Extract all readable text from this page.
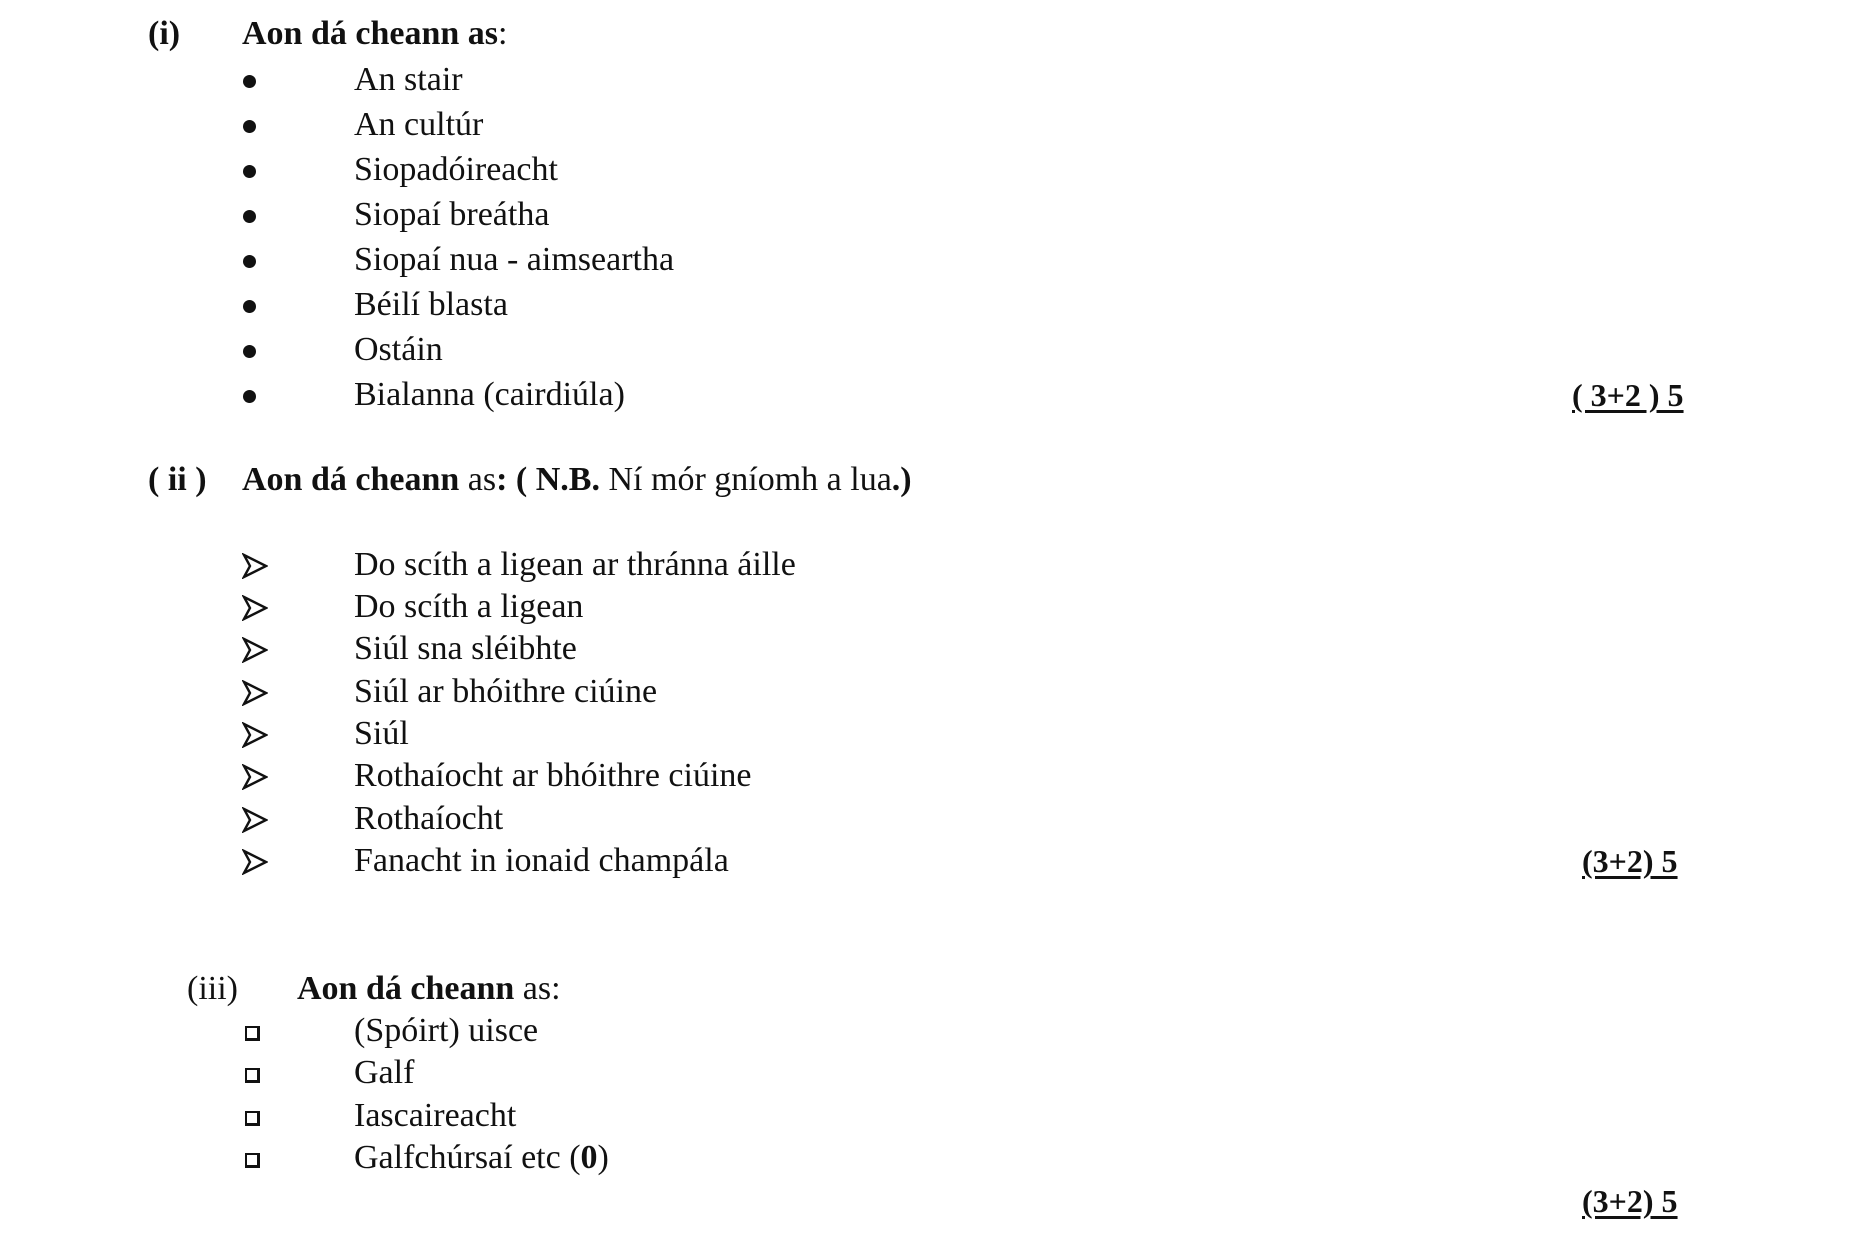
(i) Aon dá cheann as:
An stair
An cultúr
Siopadóireacht
Siopaí breátha
Siopaí nua - aimseartha
Béilí blasta
Ostáin
Bialanna (cairdiúla)	( 3+2 ) 5
( ii ) Aon dá cheann as: ( N.B. Ní mór gníomh a lua.)
Do scíth a ligean ar thránna áille
Do scíth a ligean
Siúl sna sléibhte
Siúl ar bhóithre ciúine
Siúl
Rothaíocht ar bhóithre ciúine
Rothaíocht
Fanacht in ionaid champála	(3+2) 5
(iii) Aon dá cheann as:
(Spóirt) uisce
Galf
Iascaireacht
Galfchúrsaí etc (0)
(3+2) 5
